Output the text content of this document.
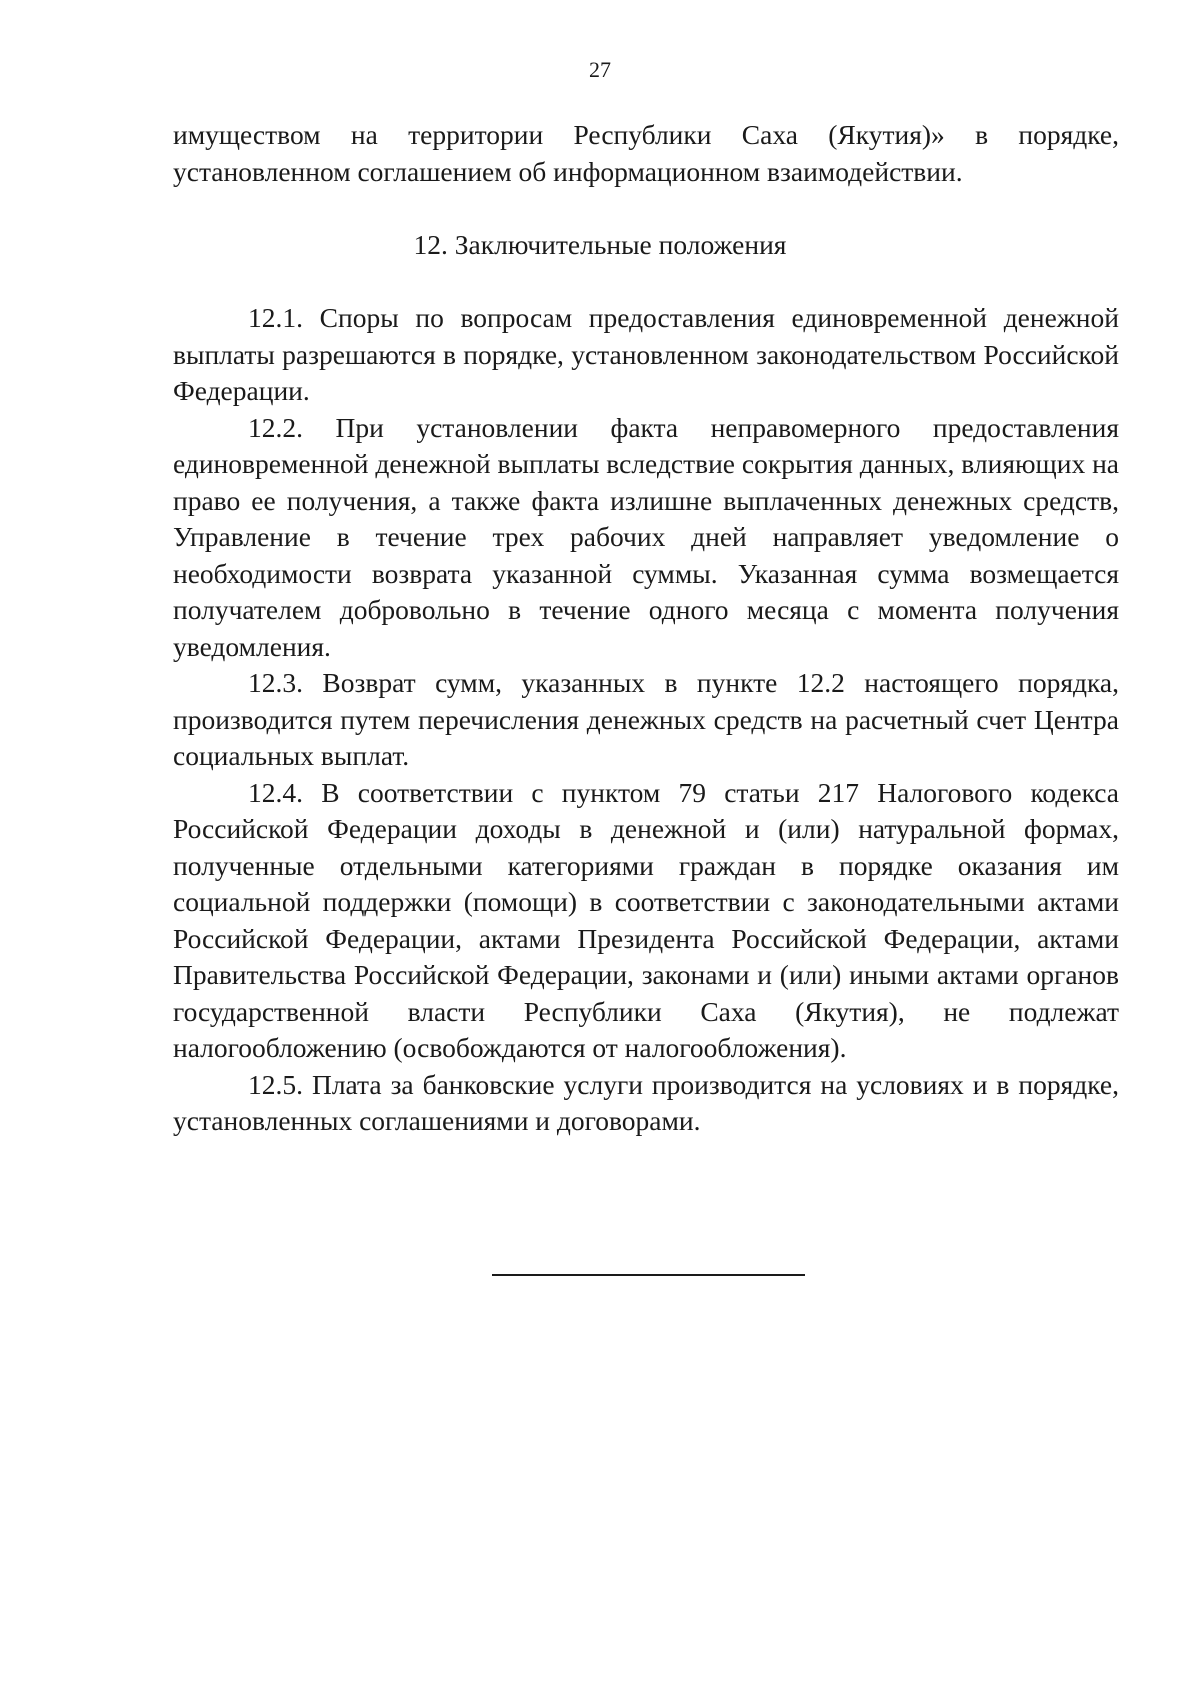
27

имуществом на территории Республики Саха (Якутия)» в порядке, установленном соглашением об информационном взаимодействии.

12. Заключительные положения

12.1. Споры по вопросам предоставления единовременной денежной выплаты разрешаются в порядке, установленном законодательством Российской Федерации.

12.2. При установлении факта неправомерного предоставления единовременной денежной выплаты вследствие сокрытия данных, влияющих на право ее получения, а также факта излишне выплаченных денежных средств, Управление в течение трех рабочих дней направляет уведомление о необходимости возврата указанной суммы. Указанная сумма возмещается получателем добровольно в течение одного месяца с момента получения уведомления.

12.3. Возврат сумм, указанных в пункте 12.2 настоящего порядка, производится путем перечисления денежных средств на расчетный счет Центра социальных выплат.

12.4. В соответствии с пунктом 79 статьи 217 Налогового кодекса Российской Федерации доходы в денежной и (или) натуральной формах, полученные отдельными категориями граждан в порядке оказания им социальной поддержки (помощи) в соответствии с законодательными актами Российской Федерации, актами Президента Российской Федерации, актами Правительства Российской Федерации, законами и (или) иными актами органов государственной власти Республики Саха (Якутия), не подлежат налогообложению (освобождаются от налогообложения).

12.5. Плата за банковские услуги производится на условиях и в порядке, установленных соглашениями и договорами.
